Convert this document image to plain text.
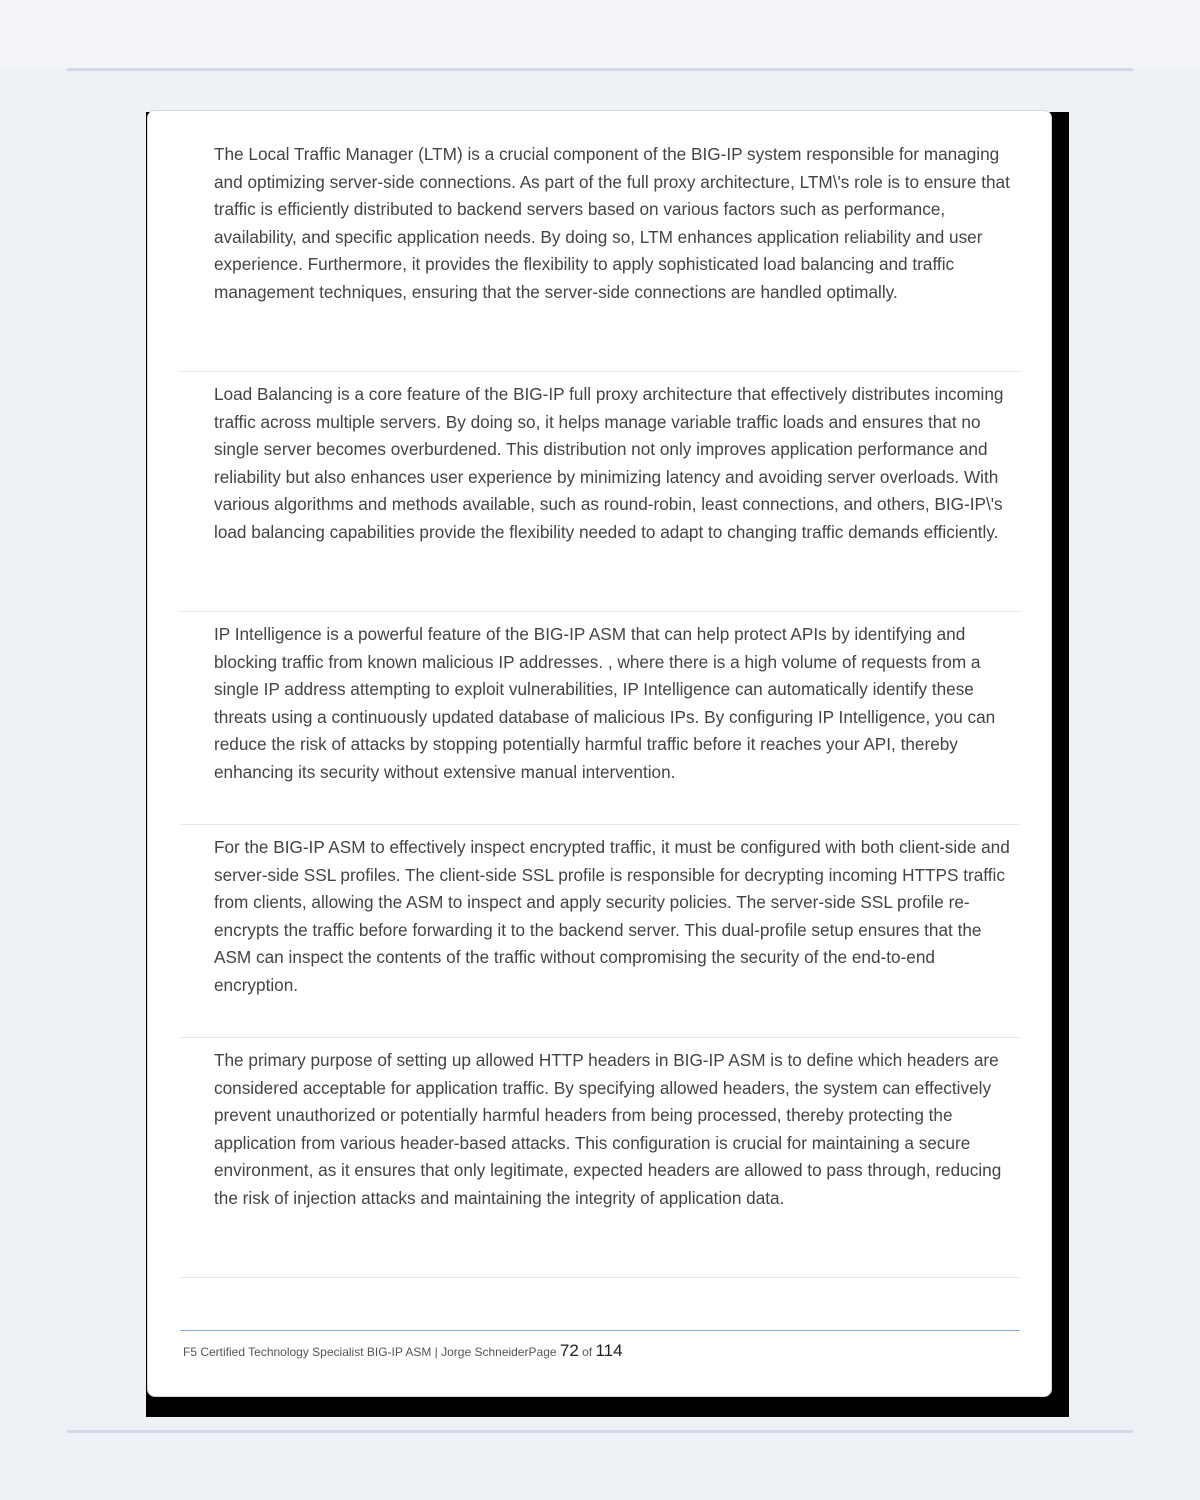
The Local Traffic Manager (LTM) is a crucial component of the BIG-IP system responsible for managing and optimizing server-side connections. As part of the full proxy architecture, LTM\'s role is to ensure that traffic is efficiently distributed to backend servers based on various factors such as performance, availability, and specific application needs. By doing so, LTM enhances application reliability and user experience. Furthermore, it provides the flexibility to apply sophisticated load balancing and traffic management techniques, ensuring that the server-side connections are handled optimally.

Load Balancing is a core feature of the BIG-IP full proxy architecture that effectively distributes incoming traffic across multiple servers. By doing so, it helps manage variable traffic loads and ensures that no single server becomes overburdened. This distribution not only improves application performance and reliability but also enhances user experience by minimizing latency and avoiding server overloads. With various algorithms and methods available, such as round-robin, least connections, and others, BIG-IP\'s load balancing capabilities provide the flexibility needed to adapt to changing traffic demands efficiently.

IP Intelligence is a powerful feature of the BIG-IP ASM that can help protect APIs by identifying and blocking traffic from known malicious IP addresses. , where there is a high volume of requests from a single IP address attempting to exploit vulnerabilities, IP Intelligence can automatically identify these threats using a continuously updated database of malicious IPs. By configuring IP Intelligence, you can reduce the risk of attacks by stopping potentially harmful traffic before it reaches your API, thereby enhancing its security without extensive manual intervention.

For the BIG-IP ASM to effectively inspect encrypted traffic, it must be configured with both client-side and server-side SSL profiles. The client-side SSL profile is responsible for decrypting incoming HTTPS traffic from clients, allowing the ASM to inspect and apply security policies. The server-side SSL profile re-encrypts the traffic before forwarding it to the backend server. This dual-profile setup ensures that the ASM can inspect the contents of the traffic without compromising the security of the end-to-end encryption.

The primary purpose of setting up allowed HTTP headers in BIG-IP ASM is to define which headers are considered acceptable for application traffic. By specifying allowed headers, the system can effectively prevent unauthorized or potentially harmful headers from being processed, thereby protecting the application from various header-based attacks. This configuration is crucial for maintaining a secure environment, as it ensures that only legitimate, expected headers are allowed to pass through, reducing the risk of injection attacks and maintaining the integrity of application data.

F5 Certified Technology Specialist BIG-IP ASM | Jorge SchneiderPage 72 of 114
